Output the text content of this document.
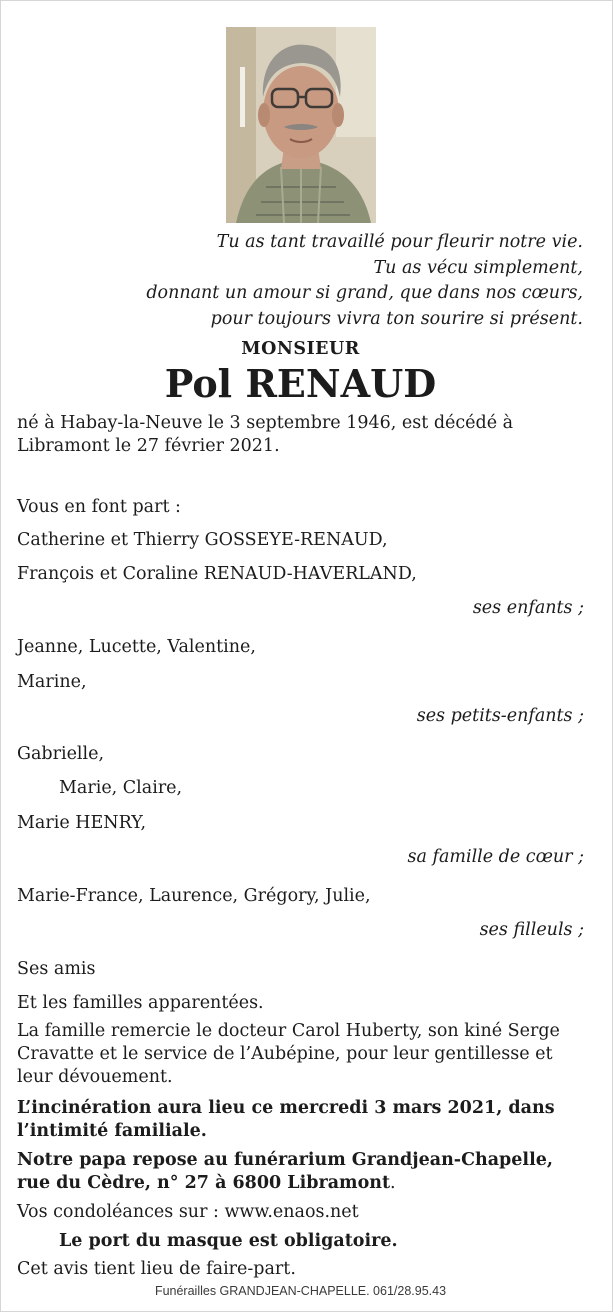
Tu as tant travaillé pour fleurir notre vie.
Tu as vécu simplement,
donnant un amour si grand, que dans nos cœurs,
pour toujours vivra ton sourire si présent.
MONSIEUR
Pol RENAUD
né à Habay-la-Neuve le 3 septembre 1946, est décédé à Libramont le 27 février 2021.
Vous en font part :
Catherine et Thierry GOSSEYE-RENAUD,
François et Coraline RENAUD-HAVERLAND,
ses enfants ;
Jeanne, Lucette, Valentine,
Marine,
ses petits-enfants ;
Gabrielle,
Marie, Claire,
Marie HENRY,
sa famille de cœur ;
Marie-France, Laurence, Grégory, Julie,
ses filleuls ;
Ses amis
Et les familles apparentées.
La famille remercie le docteur Carol Huberty, son kiné Serge Cravatte et le service de l’Aubépine, pour leur gentillesse et leur dévouement.
L’incinération aura lieu ce mercredi 3 mars 2021, dans l’intimité familiale.
Notre papa repose au funérarium Grandjean-Chapelle, rue du Cèdre, n° 27 à 6800 Libramont.
Vos condoléances sur : www.enaos.net
Le port du masque est obligatoire.
Cet avis tient lieu de faire-part.
Funérailles GRANDJEAN-CHAPELLE. 061/28.95.43
